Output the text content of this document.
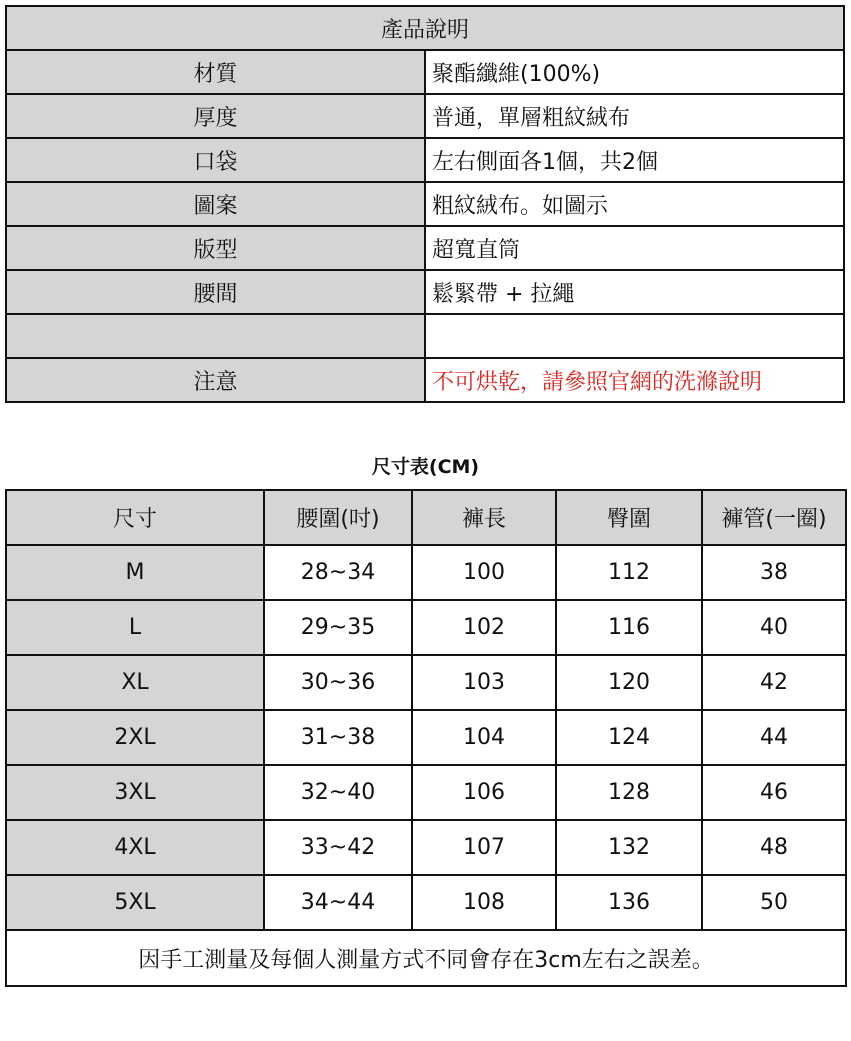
產品說明	
材質	聚酯纖維(100%)
厚度	普通，單層粗紋絨布
口袋	左右側面各1個，共2個
圖案	粗紋絨布。如圖示
版型	超寬直筒
腰間	鬆緊帶 + 拉繩

注意	不可烘乾，請參照官網的洗滌說明
尺寸表(CM)
尺寸	腰圍(吋)	褲長	臀圍	褲管(一圈)
M	28~34	100	112	38
L	29~35	102	116	40
XL	30~36	103	120	42
2XL	31~38	104	124	44
3XL	32~40	106	128	46
4XL	33~42	107	132	48
5XL	34~44	108	136	50
因手工測量及每個人測量方式不同會存在3cm左右之誤差。				
